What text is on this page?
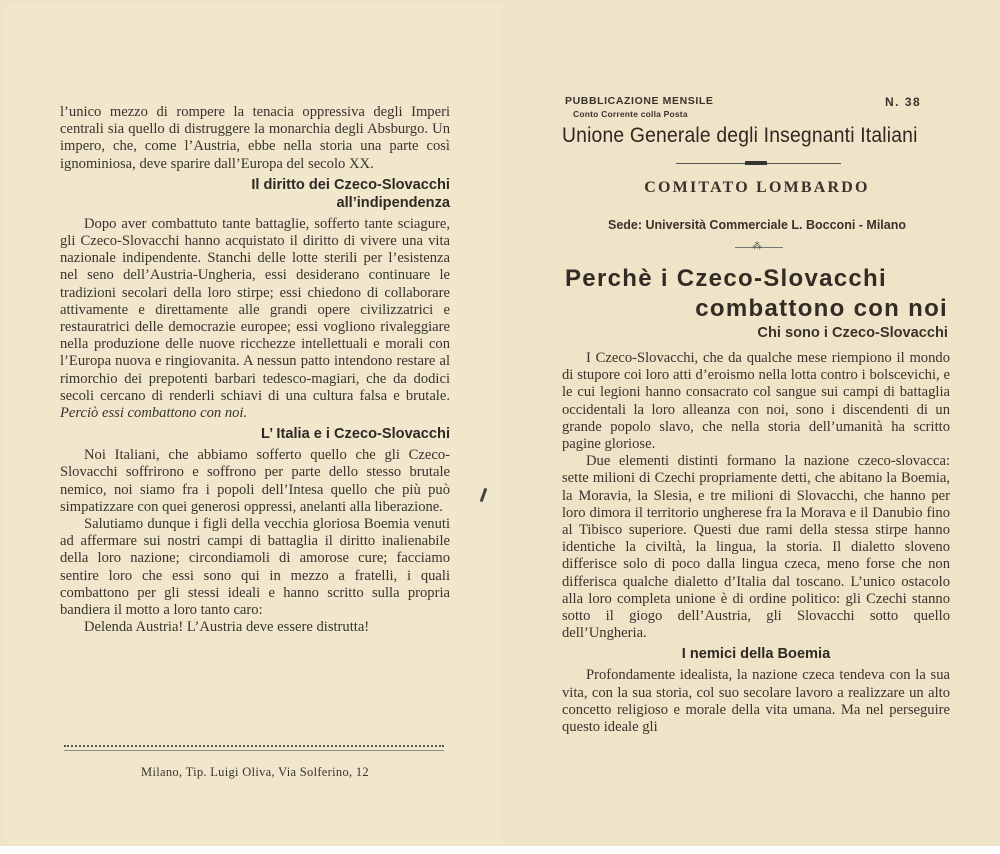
l’unico mezzo di rompere la tenacia oppressiva degli Imperi centrali sia quello di distruggere la monarchia degli Absburgo. Un impero, che, come l’Austria, ebbe nella storia una parte così ignominiosa, deve sparire dall’Europa del secolo XX.

Il diritto dei Czeco-Slovacchi
all’indipendenza

Dopo aver combattuto tante battaglie, sofferto tante sciagure, gli Czeco-Slovacchi hanno acquistato il diritto di vivere una vita nazionale indipendente. Stanchi delle lotte sterili per l’esistenza nel seno dell’Austria-Ungheria, essi desiderano continuare le tradizioni secolari della loro stirpe; essi chiedono di collaborare attivamente e direttamente alle grandi opere civilizzatrici e restauratrici delle democrazie europee; essi vogliono rivaleggiare nella produzione delle nuove ricchezze intellettuali e morali con l’Europa nuova e ringiovanita. A nessun patto intendono restare al rimorchio dei prepotenti barbari tedesco-magiari, che da dodici secoli cercano di renderli schiavi di una cultura falsa e brutale. Perciò essi combattono con noi.

L’ Italia e i Czeco-Slovacchi

Noi Italiani, che abbiamo sofferto quello che gli Czeco-Slovacchi soffrirono e soffrono per parte dello stesso brutale nemico, noi siamo fra i popoli dell’Intesa quello che più può simpatizzare con quei generosi oppressi, anelanti alla liberazione.

Salutiamo dunque i figli della vecchia gloriosa Boemia venuti ad affermare sui nostri campi di battaglia il diritto inalienabile della loro nazione; circondiamoli di amorose cure; facciamo sentire loro che essi sono qui in mezzo a fratelli, i quali combattono per gli stessi ideali e hanno scritto sulla propria bandiera il motto a loro tanto caro:

Delenda Austria! L’Austria deve essere distrutta!

Milano, Tip. Luigi Oliva, Via Solferino, 12
PUBBLICAZIONE MENSILE
Conto Corrente colla Posta
N. 38
Unione Generale degli Insegnanti Italiani
COMITATO LOMBARDO
Sede: Università Commerciale L. Bocconi - Milano
⁂
Perchè i Czeco-Slovacchi
combattono con noi
Chi sono i Czeco-Slovacchi

I Czeco-Slovacchi, che da qualche mese riempiono il mondo di stupore coi loro atti d’eroismo nella lotta contro i bolscevichi, e le cui legioni hanno consacrato col sangue sui campi di battaglia occidentali la loro alleanza con noi, sono i discendenti di un grande popolo slavo, che nella storia dell’umanità ha scritto pagine gloriose.

Due elementi distinti formano la nazione czeco-slovacca: sette milioni di Czechi propriamente detti, che abitano la Boemia, la Moravia, la Slesia, e tre milioni di Slovacchi, che hanno per loro dimora il territorio ungherese fra la Morava e il Danubio fino al Tibisco superiore. Questi due rami della stessa stirpe hanno identiche la civiltà, la lingua, la storia. Il dialetto sloveno differisce solo di poco dalla lingua czeca, meno forse che non differisca qualche dialetto d’Italia dal toscano. L’unico ostacolo alla loro completa unione è di ordine politico: gli Czechi stanno sotto il giogo dell’Austria, gli Slovacchi sotto quello dell’Ungheria.

I nemici della Boemia

Profondamente idealista, la nazione czeca tendeva con la sua vita, con la sua storia, col suo secolare lavoro a realizzare un alto concetto religioso e morale della vita umana. Ma nel perseguire questo ideale gli
